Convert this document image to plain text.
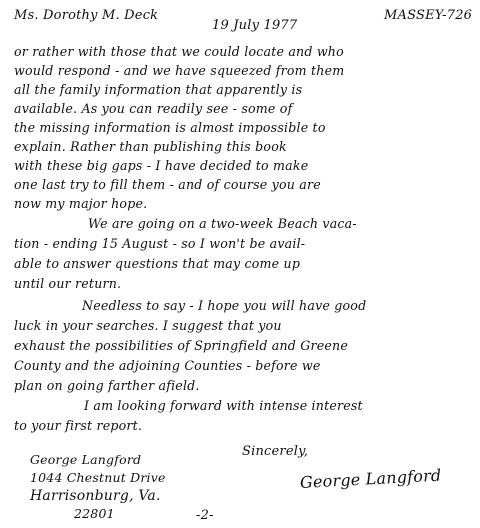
Ms. Dorothy M. Deck
19 July 1977
MASSEY-726
or rather with those that we could locate and who
would respond - and we have squeezed from them
all the family information that apparently is
available. As you can readily see - some of
the missing information is almost impossible to
explain. Rather than publishing this book
with these big gaps - I have decided to make
one last try to fill them - and of course you are
now my major hope.
We are going on a two-week Beach vaca-
tion - ending 15 August - so I won't be avail-
able to answer questions that may come up
until our return.
Needless to say - I hope you will have good
luck in your searches. I suggest that you
exhaust the possibilities of Springfield and Greene
County and the adjoining Counties - before we
plan on going farther afield.
I am looking forward with intense interest
to your first report.
Sincerely,
George Langford
1044 Chestnut Drive
Harrisonburg, Va.
22801
George Langford
-2-
